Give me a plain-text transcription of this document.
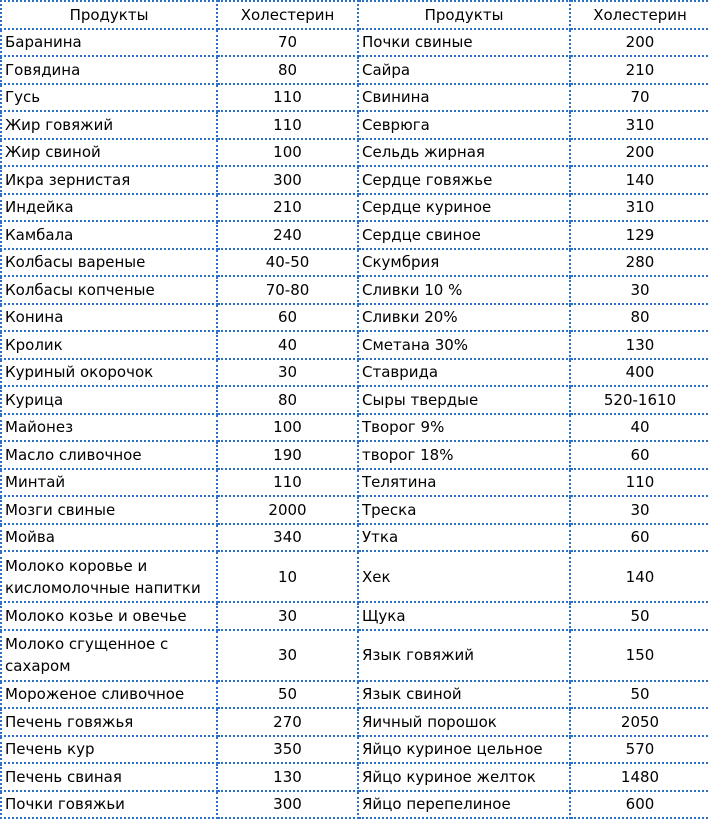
Продукты	Холестерин	Продукты	Холестерин
Баранина	70	Почки свиные	200
Говядина	80	Сайра	210
Гусь	110	Свинина	70
Жир говяжий	110	Севрюга	310
Жир свиной	100	Сельдь жирная	200
Икра зернистая	300	Сердце говяжье	140
Индейка	210	Сердце куриное	310
Камбала	240	Сердце свиное	129
Колбасы вареные	40-50	Скумбрия	280
Колбасы копченые	70-80	Сливки 10 %	30
Конина	60	Сливки 20%	80
Кролик	40	Сметана 30%	130
Куриный окорочок	30	Ставрида	400
Курица	80	Сыры твердые	520-1610
Майонез	100	Творог 9%	40
Масло сливочное	190	творог 18%	60
Минтай	110	Телятина	110
Мозги свиные	2000	Треска	30
Мойва	340	Утка	60
Молоко коровье и кисломолочные напитки	10	Хек	140
Молоко козье и овечье	30	Щука	50
Молоко сгущенное с сахаром	30	Язык говяжий	150
Мороженое сливочное	50	Язык свиной	50
Печень говяжья	270	Яичный порошок	2050
Печень кур	350	Яйцо куриное цельное	570
Печень свиная	130	Яйцо куриное желток	1480
Почки говяжьи	300	Яйцо перепелиное	600
